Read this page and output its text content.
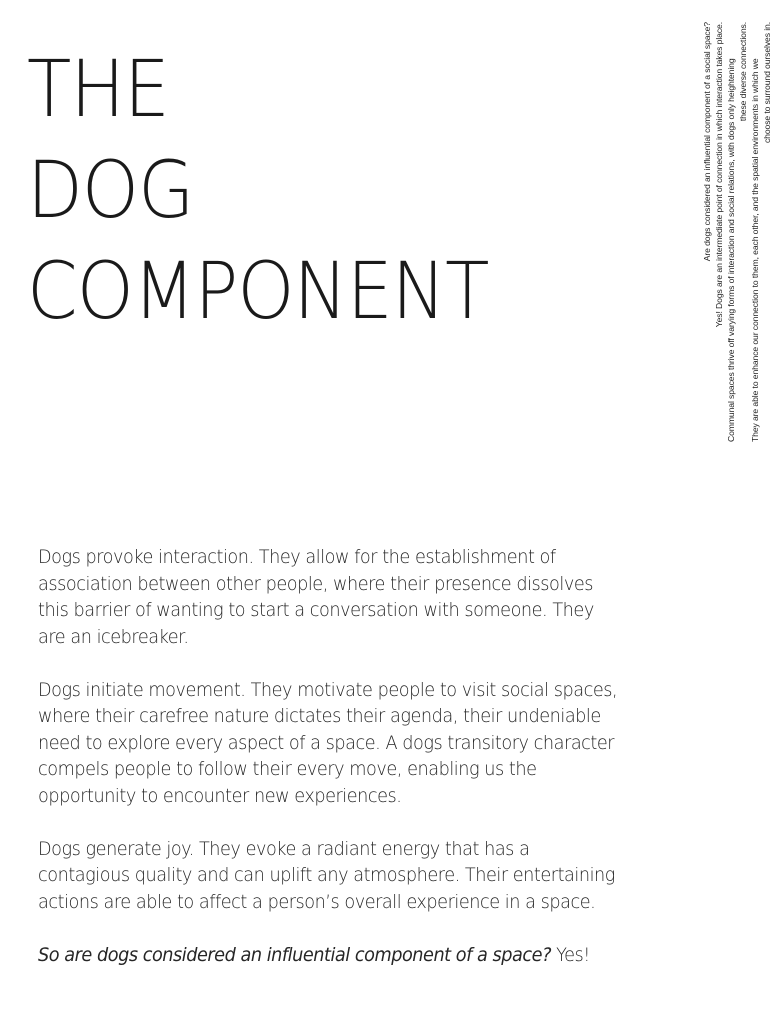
THE
DOG
COMPONENT
Are dogs considered an influential component of a social space? Yes! Dogs are an intermediate point of connection in which interaction takes place. Communal spaces thrive off varying forms of interaction and social relations, with dogs only heightening these diverse connections. They are able to enhance our connection to them, each other, and the spatial environments in which we choose to surround ourselves in.

Dogs provoke interaction. They allow for the establishment of
association between other people, where their presence dissolves
this barrier of wanting to start a conversation with someone. They
are an icebreaker.

Dogs initiate movement. They motivate people to visit social spaces,
where their carefree nature dictates their agenda, their undeniable
need to explore every aspect of a space. A dogs transitory character
compels people to follow their every move, enabling us the
opportunity to encounter new experiences.

Dogs generate joy. They evoke a radiant energy that has a
contagious quality and can uplift any atmosphere. Their entertaining
actions are able to affect a person’s overall experience in a space.

So are dogs considered an influential component of a space? Yes!
